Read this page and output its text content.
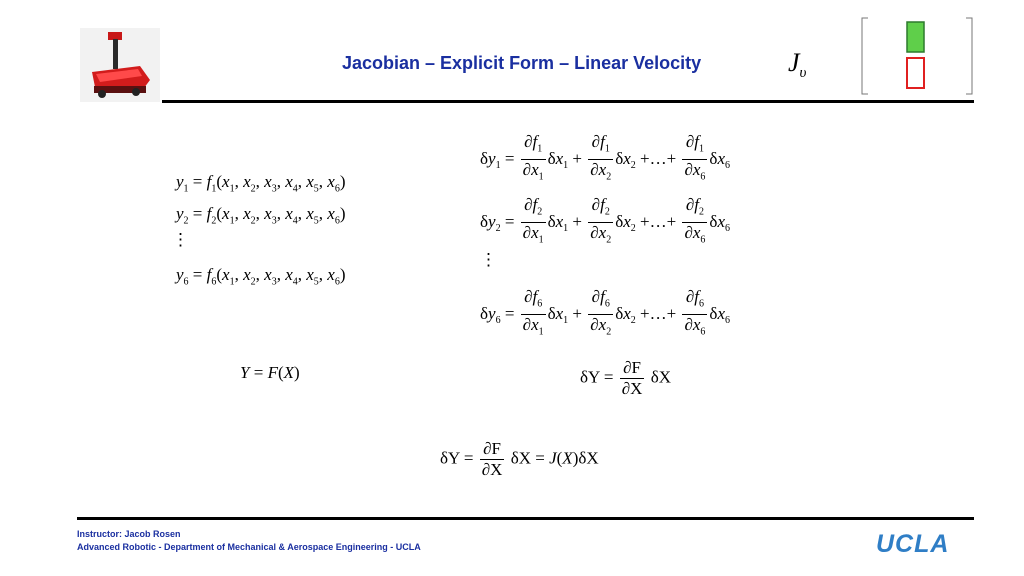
Jacobian – Explicit Form – Linear Velocity	$J_\upsilon$
$y_1 = f_1(x_1$, $x_2$, $x_3$, $x_4$, $x_5$, $x_6$)
$y_2 = f_2(x_1$, $x_2$, $x_3$, $x_4$, $x_5$, $x_6$)
⋮
$y_6 = f_6(x_1$, $x_2$, $x_3$, $x_4$, $x_5$, $x_6$)
$\delta y_1 = \frac{\partial f_1}{\partial x_1} \delta x_1 + \frac{\partial f_1}{\partial x_2} \delta x_2$ +…+ $\frac{\partial f_1}{\partial x_6} \delta x_6$
$\delta y_2 = \frac{\partial f_2}{\partial x_1} \delta x_1 + \frac{\partial f_2}{\partial x_2} \delta x_2$ +…+ $\frac{\partial f_2}{\partial x_6} \delta x_6$
⋮
$\delta y_6 = \frac{\partial f_6}{\partial x_1} \delta x_1 + \frac{\partial f_6}{\partial x_2} \delta x_2$ +…+ $\frac{\partial f_6}{\partial x_6} \delta x_6$
Y = F(X)	$\delta Y = \frac{\partial F}{\partial X}$ δX
$\delta Y = \frac{\partial F}{\partial X}$ δX = J(X)δX
Instructor: Jacob Rosen
Advanced Robotic - Department of Mechanical & Aerospace Engineering - UCLA	UCLA
